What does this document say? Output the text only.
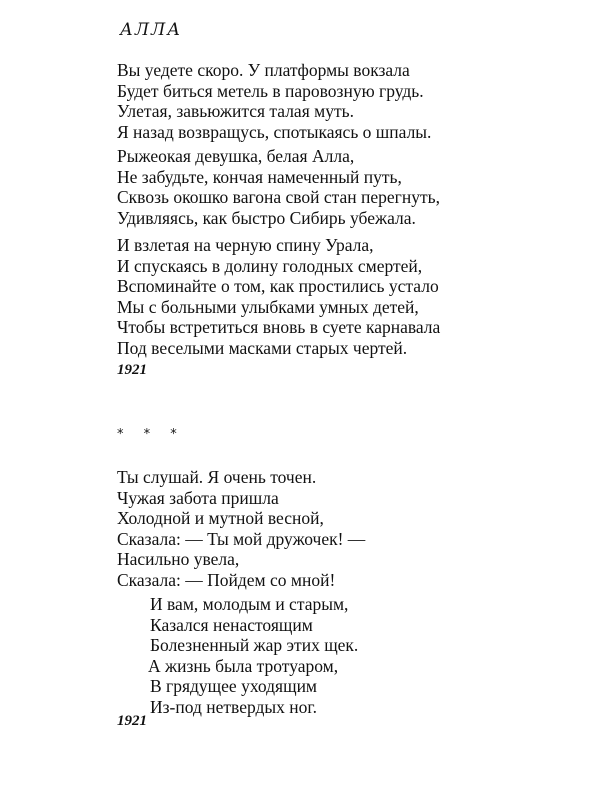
АЛЛА
Вы уедете скоро. У платформы вокзала
Будет биться метель в паровозную грудь.
Улетая, завьюжится талая муть.
Я назад возвращусь, спотыкаясь о шпалы.
Рыжеокая девушка, белая Алла,
Не забудьте, кончая намеченный путь,
Сквозь окошко вагона свой стан перегнуть,
Удивляясь, как быстро Сибирь убежала.
И взлетая на черную спину Урала,
И спускаясь в долину голодных смертей,
Вспоминайте о том, как простились устало
Мы с больными улыбками умных детей,
Чтобы встретиться вновь в суете карнавала
Под веселыми масками старых чертей.
1921
* * *
Ты слушай. Я очень точен.
Чужая забота пришла
Холодной и мутной весной,
Сказала: — Ты мой дружочек! —
Насильно увела,
Сказала: — Пойдем со мной!
И вам, молодым и старым,
Казался ненастоящим
Болезненный жар этих щек.
А жизнь была тротуаром,
В грядущее уходящим
Из-под нетвердых ног.
1921
